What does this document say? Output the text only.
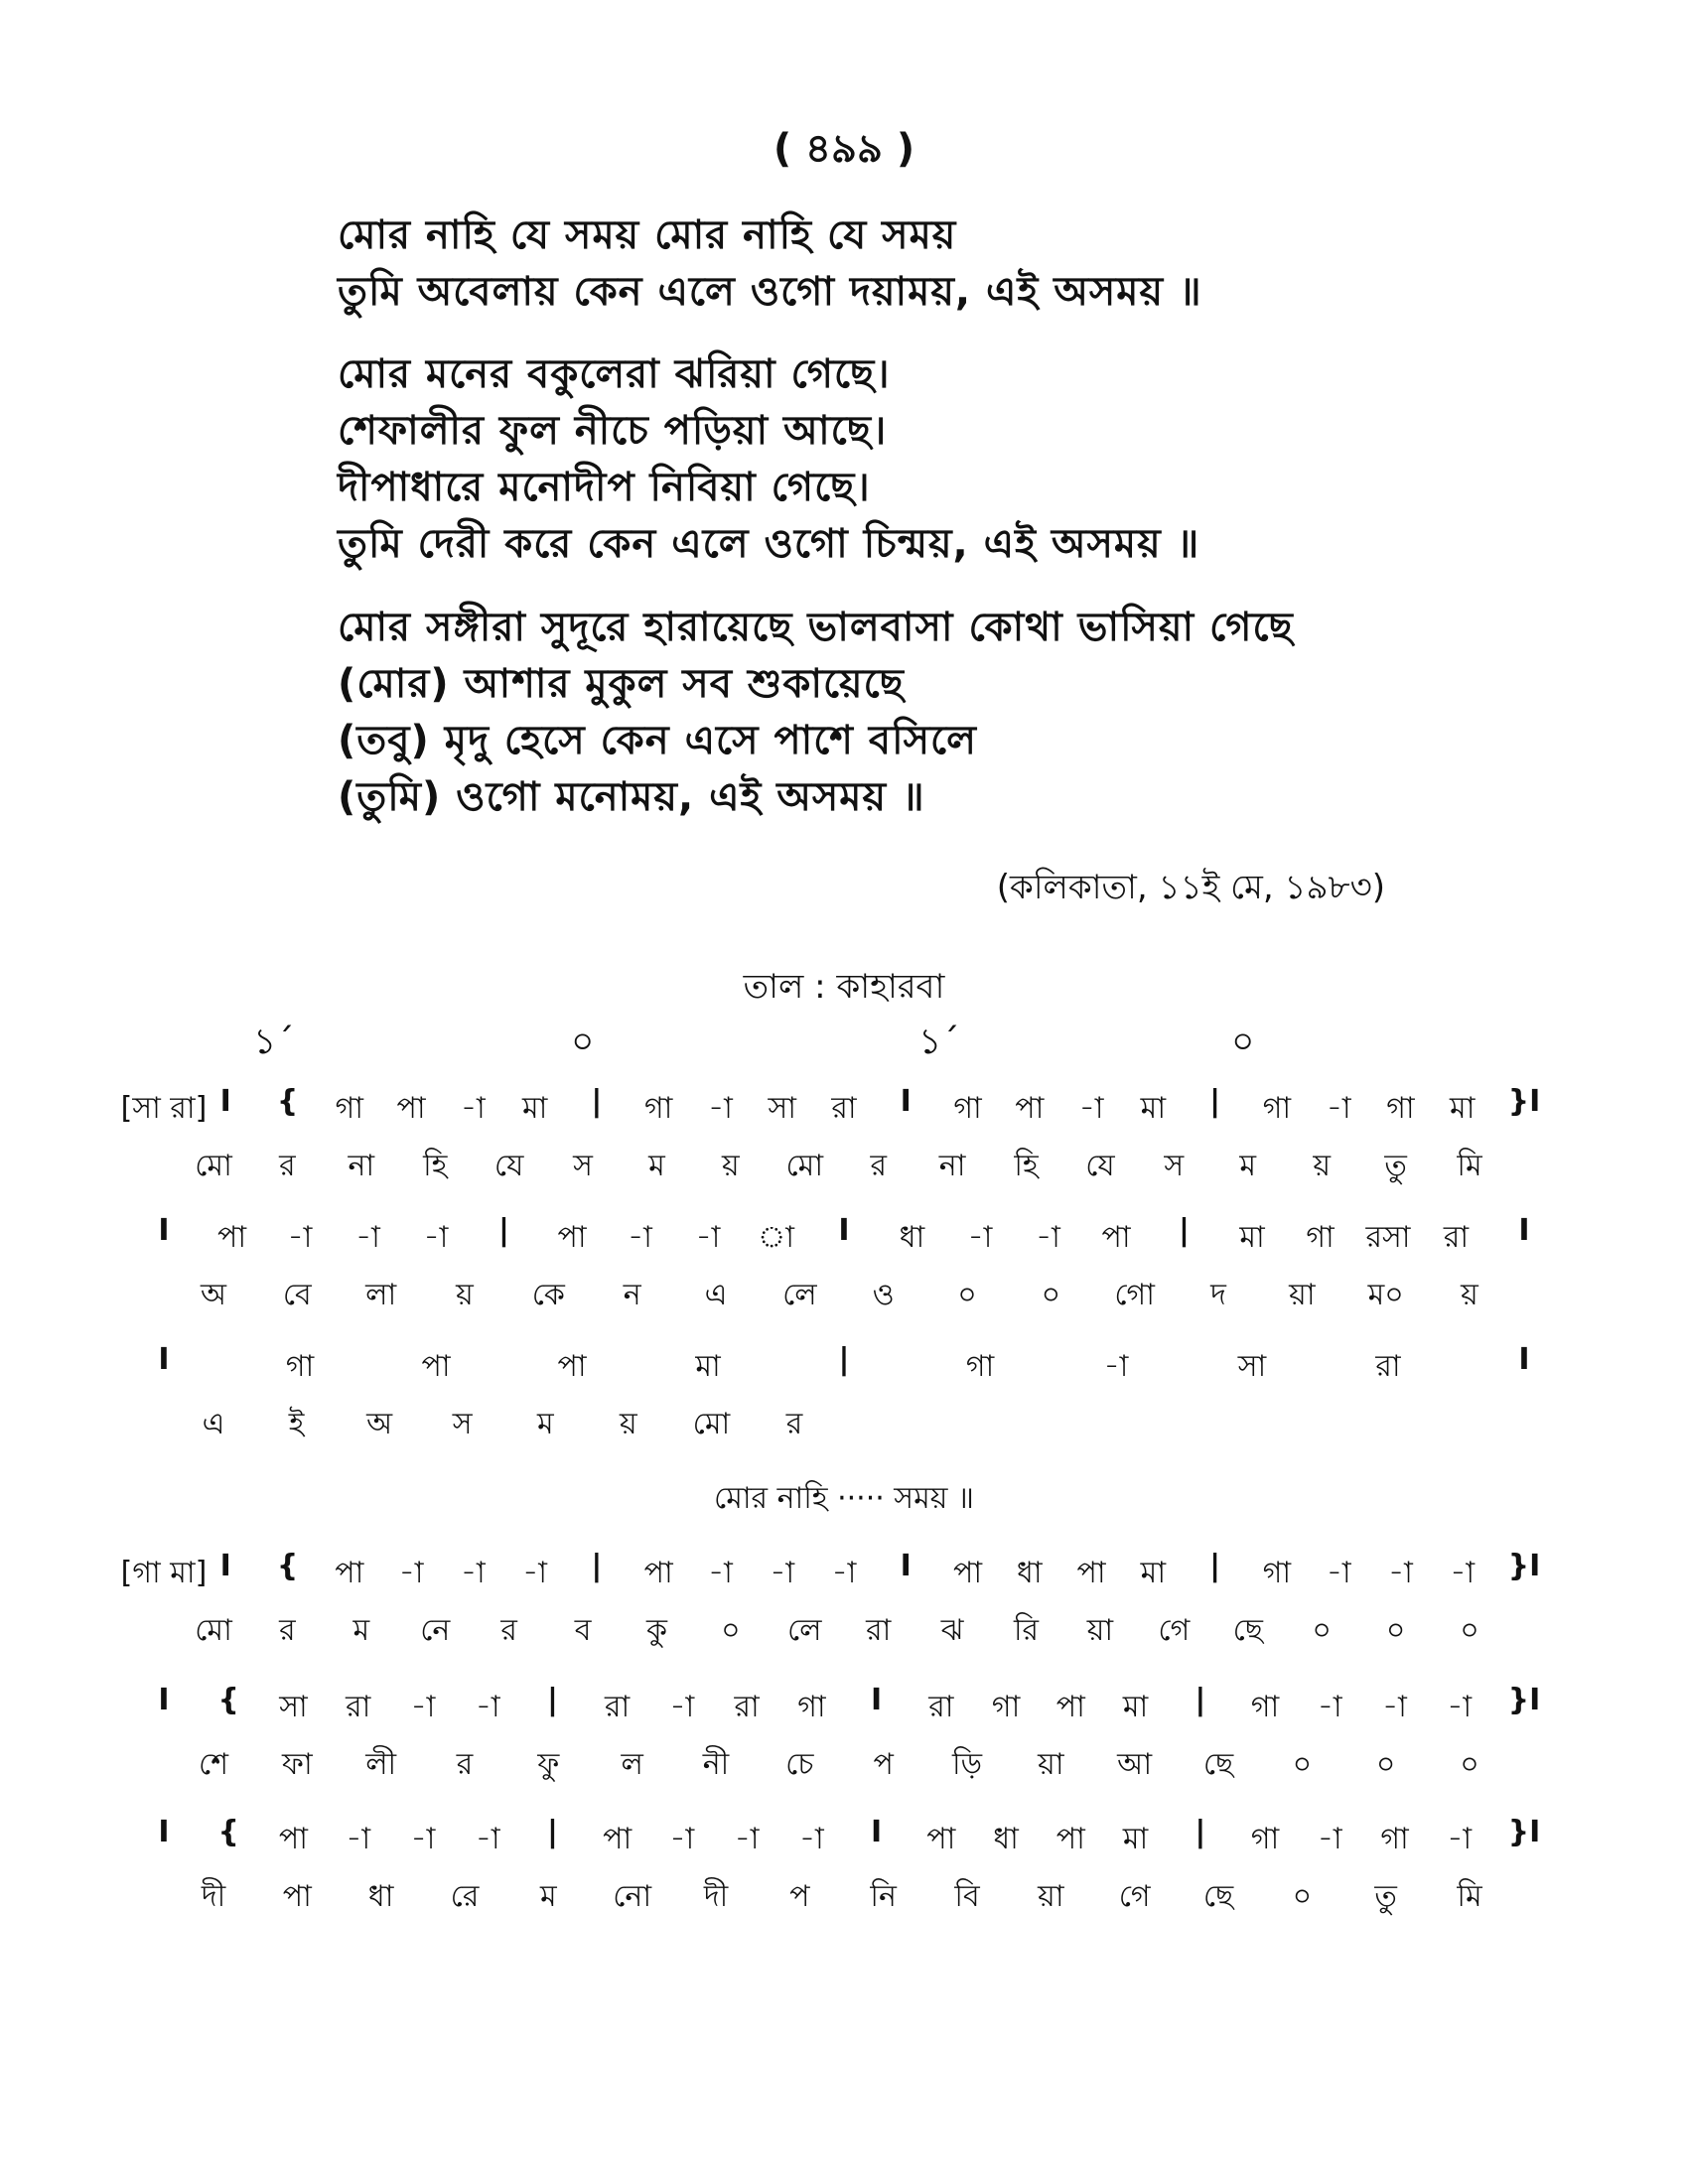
( ৪৯৯ )
মোর নাহি যে সময় মোর নাহি যে সময়
তুমি অবেলায় কেন এলে ওগো দয়াময়, এই অসময় ॥
মোর মনের বকুলেরা ঝরিয়া গেছে।
শেফালীর ফুল নীচে পড়িয়া আছে।
দীপাধারে মনোদীপ নিবিয়া গেছে।
তুমি দেরী করে কেন এলে ওগো চিন্ময়, এই অসময় ॥
মোর সঙ্গীরা সুদূরে হারায়েছে ভালবাসা কোথা ভাসিয়া গেছে
(মোর) আশার মুকুল সব শুকায়েছে
(তবু) মৃদু হেসে কেন এসে পাশে বসিলে
(তুমি) ওগো মনোময়, এই অসময় ॥
(কলিকাতা, ১১ই মে, ১৯৮৩)
তাল : কাহারবা
১´	০	১´	০
[সা রা] I { গা পা -া মা | গা -া সা রা I গা পা -া মা | গা -া গা মা }I
মো র না হি যে স ম য় মো র না হি যে স ম য় তু মি
I পা -া -া -া | পা -া -া া I ধা -া -া পা | মা গা রসা রা I
অ বে লা য় কে ন এ লে ও ০ ০ গো দ য়া ম০ য়
I	গা	পা	পা	মা	|	গা	-া	সা	রা	I
এ ই অ স ম য় মো র
মোর নাহি ····· সময় ॥
[গা মা] I { পা -া -া -া | পা -া -া -া I পা ধা পা মা | গা -া -া -া }I
মো র ম নে র ব কু ০ লে রা ঝ রি য়া গে ছে ০ ০ ০
I { সা রা -া -া | রা -া রা গা I রা গা পা মা | গা -া -া -া }I
শে ফা লী র ফু ল নী চে প ড়ি য়া আ ছে ০ ০ ০
I { পা -া -া -া | পা -া -া -া I পা ধা পা মা | গা -া গা -া }I
দী পা ধা রে ম নো দী প নি বি য়া গে ছে ০ তু মি
